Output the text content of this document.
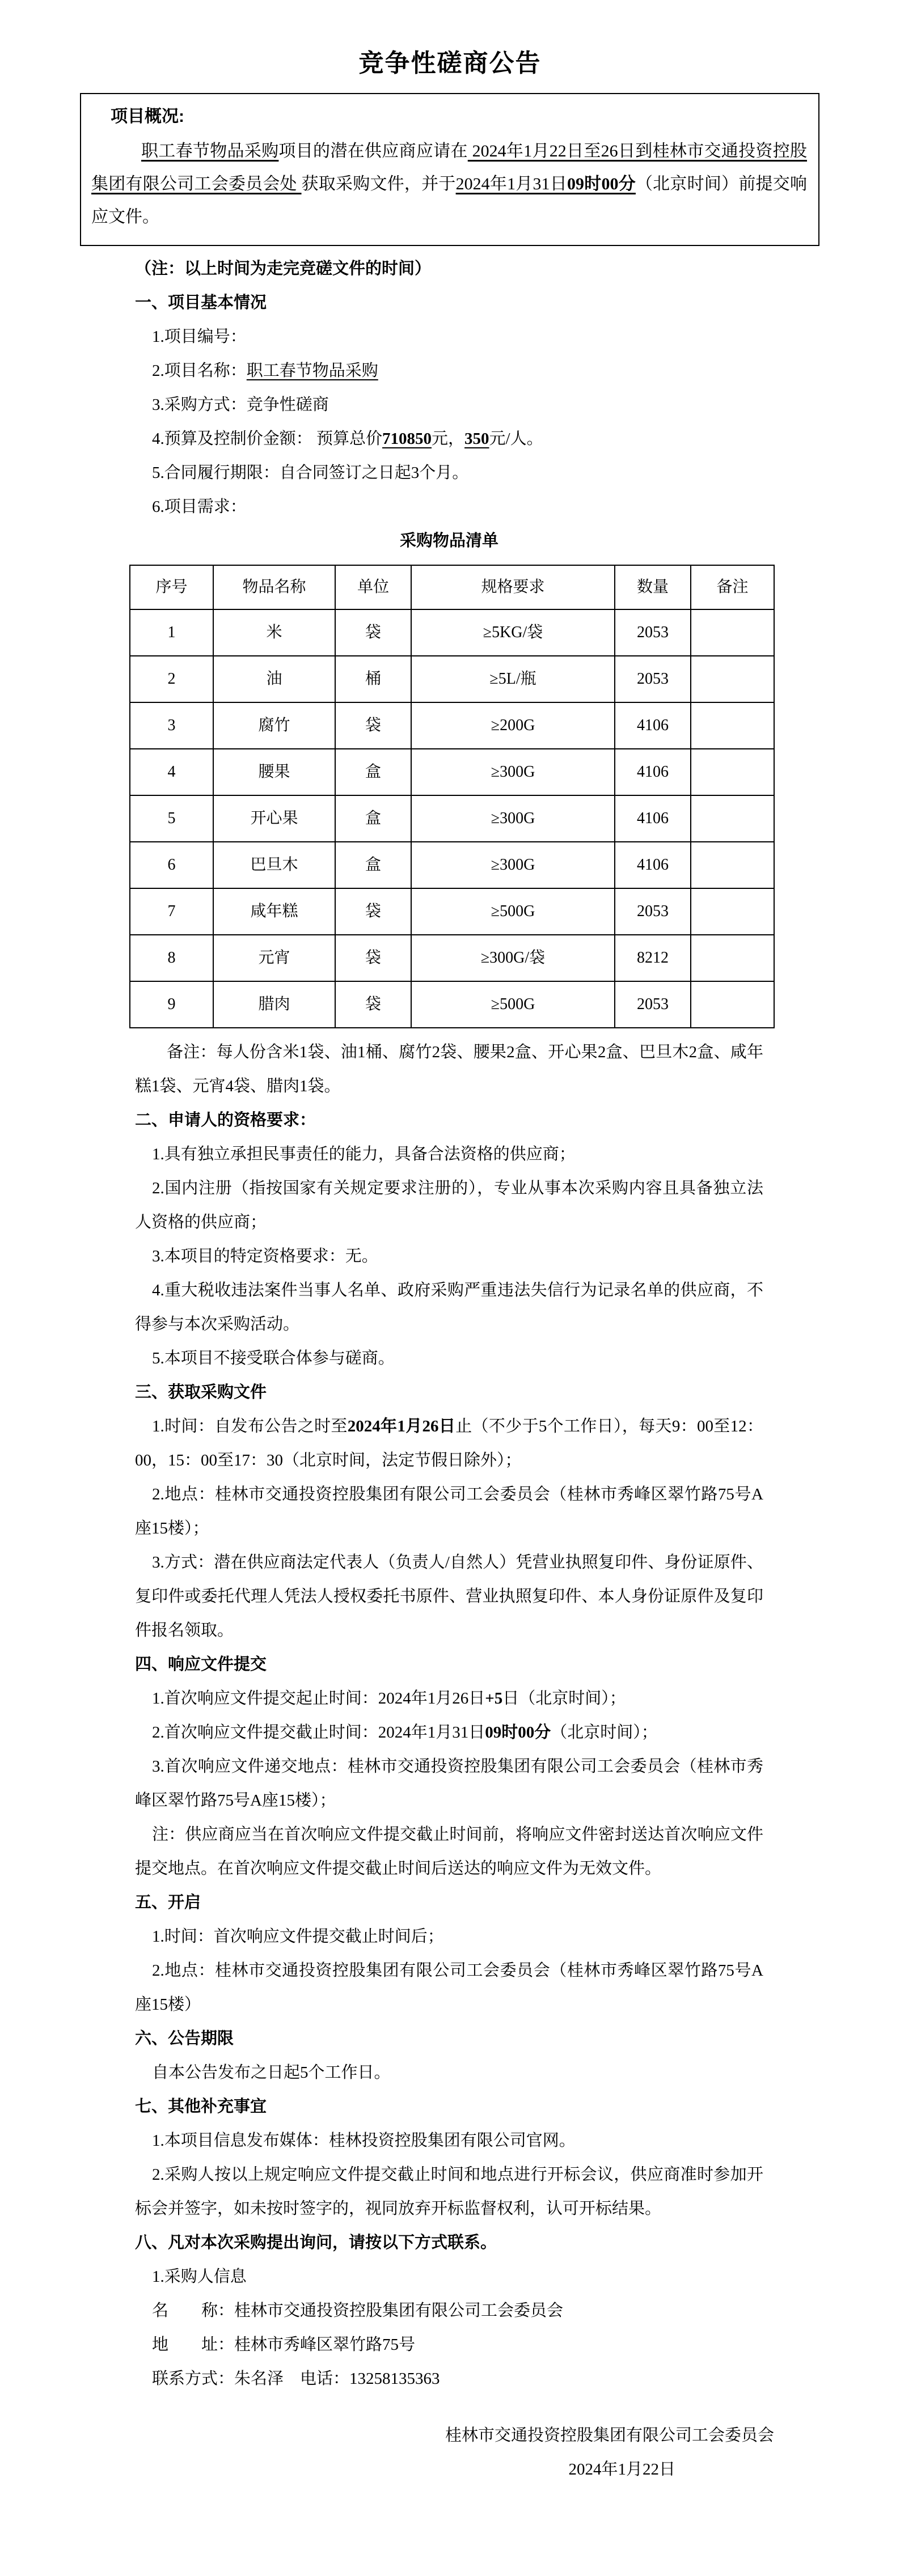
竞争性磋商公告
项目概况:

职工春节物品采购项目的潜在供应商应请在 2024年1月22日至26日到桂林市交通投资控股集团有限公司工会委员会处 获取采购文件，并于2024年1月31日09时00分（北京时间）前提交响应文件。

（注：以上时间为走完竞磋文件的时间）

一、项目基本情况

1.项目编号：

2.项目名称：职工春节物品采购

3.采购方式：竞争性磋商

4.预算及控制价金额： 预算总价710850元，350元/人。

5.合同履行期限：自合同签订之日起3个月。

6.项目需求：

采购物品清单

序号	物品名称	单位	规格要求	数量	备注
1	米	袋	≥5KG/袋	2053	
2	油	桶	≥5L/瓶	2053	
3	腐竹	袋	≥200G	4106	
4	腰果	盒	≥300G	4106	
5	开心果	盒	≥300G	4106	
6	巴旦木	盒	≥300G	4106	
7	咸年糕	袋	≥500G	2053	
8	元宵	袋	≥300G/袋	8212	
9	腊肉	袋	≥500G	2053	

备注：每人份含米1袋、油1桶、腐竹2袋、腰果2盒、开心果2盒、巴旦木2盒、咸年糕1袋、元宵4袋、腊肉1袋。

二、申请人的资格要求：

1.具有独立承担民事责任的能力，具备合法资格的供应商；

2.国内注册（指按国家有关规定要求注册的），专业从事本次采购内容且具备独立法人资格的供应商；

3.本项目的特定资格要求：无。

4.重大税收违法案件当事人名单、政府采购严重违法失信行为记录名单的供应商，不得参与本次采购活动。

5.本项目不接受联合体参与磋商。

三、获取采购文件

1.时间：自发布公告之时至2024年1月26日止（不少于5个工作日），每天9：00至12：00，15：00至17：30（北京时间，法定节假日除外）；

2.地点：桂林市交通投资控股集团有限公司工会委员会（桂林市秀峰区翠竹路75号A座15楼）；

3.方式：潜在供应商法定代表人（负责人/自然人）凭营业执照复印件、身份证原件、复印件或委托代理人凭法人授权委托书原件、营业执照复印件、本人身份证原件及复印件报名领取。

四、响应文件提交

1.首次响应文件提交起止时间：2024年1月26日+5日（北京时间）；

2.首次响应文件提交截止时间：2024年1月31日09时00分（北京时间）；

3.首次响应文件递交地点：桂林市交通投资控股集团有限公司工会委员会（桂林市秀峰区翠竹路75号A座15楼）；

注：供应商应当在首次响应文件提交截止时间前，将响应文件密封送达首次响应文件提交地点。在首次响应文件提交截止时间后送达的响应文件为无效文件。

五、开启

1.时间：首次响应文件提交截止时间后；

2.地点：桂林市交通投资控股集团有限公司工会委员会（桂林市秀峰区翠竹路75号A座15楼）

六、公告期限

自本公告发布之日起5个工作日。

七、其他补充事宜

1.本项目信息发布媒体：桂林投资控股集团有限公司官网。

2.采购人按以上规定响应文件提交截止时间和地点进行开标会议，供应商准时参加开标会并签字，如未按时签字的，视同放弃开标监督权利，认可开标结果。

八、凡对本次采购提出询问，请按以下方式联系。

1.采购人信息

名　　称：桂林市交通投资控股集团有限公司工会委员会

地　　址：桂林市秀峰区翠竹路75号

联系方式：朱名泽　电话：13258135363

桂林市交通投资控股集团有限公司工会委员会

2024年1月22日
